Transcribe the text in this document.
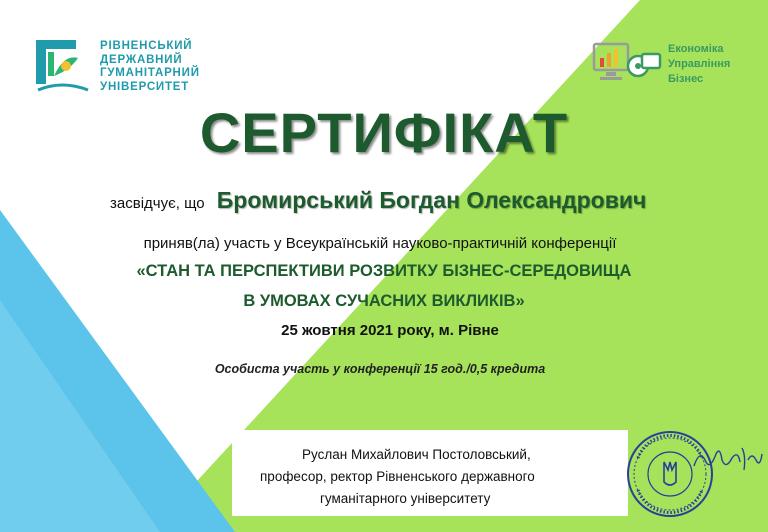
РІВНЕНСЬКИЙ
ДЕРЖАВНИЙ
ГУМАНІТАРНИЙ
УНІВЕРСИТЕТ
Економіка
Управління
Бізнес
СЕРТИФІКАТ
засвідчує, що Бромирський Богдан Олександрович
приняв(ла) участь у Всеукраїнській науково-практичній конференції
«СТАН ТА ПЕРСПЕКТИВИ РОЗВИТКУ БІЗНЕС-СЕРЕДОВИЩА
В УМОВАХ СУЧАСНИХ ВИКЛИКІВ»
25 жовтня 2021 року, м. Рівне
Особиста участь у конференції 15 год./0,5 кредита
Руслан Михайлович Постоловський,
професор, ректор Рівненського державного
гуманітарного університету
